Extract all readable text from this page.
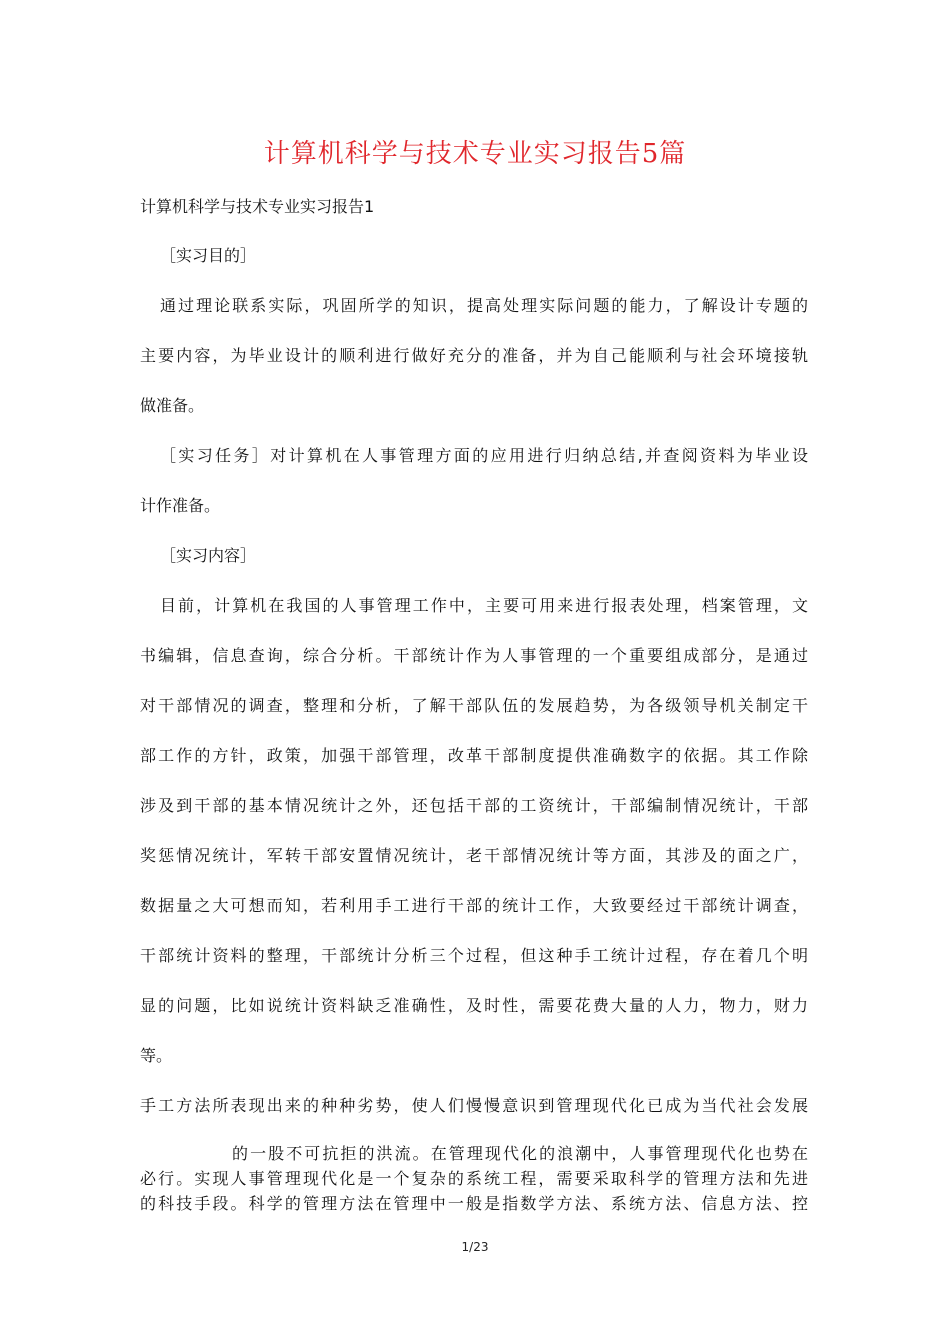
计算机科学与技术专业实习报告5篇
计算机科学与技术专业实习报告1
［实习目的］
通过理论联系实际，巩固所学的知识，提高处理实际问题的能力，了解设计专题的
主要内容，为毕业设计的顺利进行做好充分的准备，并为自己能顺利与社会环境接轨
做准备。
［实习任务］对计算机在人事管理方面的应用进行归纳总结,并查阅资料为毕业设
计作准备。
［实习内容］
目前，计算机在我国的人事管理工作中，主要可用来进行报表处理，档案管理，文
书编辑，信息查询，综合分析。干部统计作为人事管理的一个重要组成部分，是通过
对干部情况的调查，整理和分析，了解干部队伍的发展趋势，为各级领导机关制定干
部工作的方针，政策，加强干部管理，改革干部制度提供准确数字的依据。其工作除
涉及到干部的基本情况统计之外，还包括干部的工资统计，干部编制情况统计，干部
奖惩情况统计，军转干部安置情况统计，老干部情况统计等方面，其涉及的面之广，
数据量之大可想而知，若利用手工进行干部的统计工作，大致要经过干部统计调查，
干部统计资料的整理，干部统计分析三个过程，但这种手工统计过程，存在着几个明
显的问题，比如说统计资料缺乏准确性，及时性，需要花费大量的人力，物力，财力
等。
手工方法所表现出来的种种劣势，使人们慢慢意识到管理现代化已成为当代社会发展
的一股不可抗拒的洪流。在管理现代化的浪潮中，人事管理现代化也势在
必行。实现人事管理现代化是一个复杂的系统工程，需要采取科学的管理方法和先进
的科技手段。科学的管理方法在管理中一般是指数学方法、系统方法、信息方法、控
1/23
